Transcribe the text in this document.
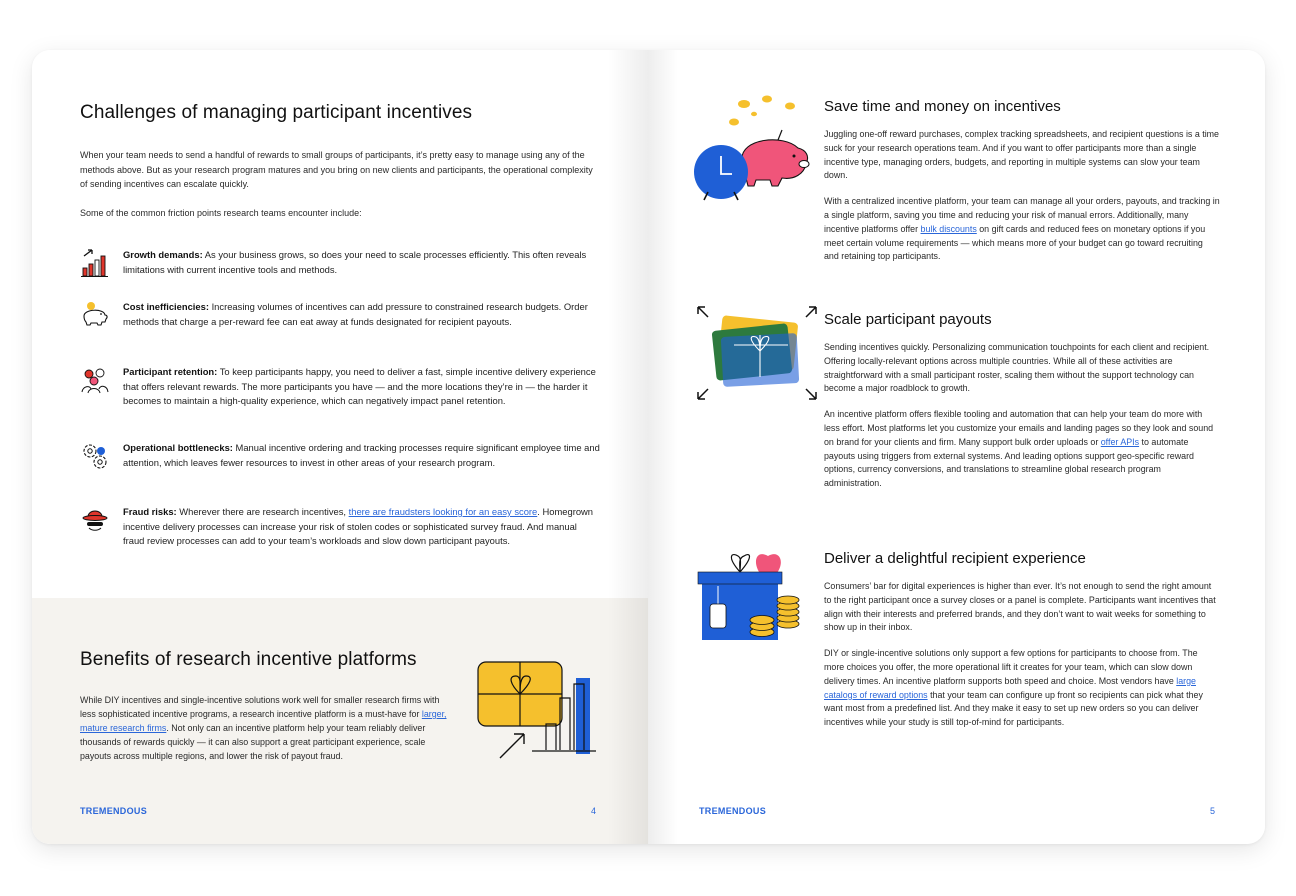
Challenges of managing participant incentives

When your team needs to send a handful of rewards to small groups of participants, it’s pretty easy to manage using any of the methods above. But as your research program matures and you bring on new clients and participants, the operational complexity of sending incentives can escalate quickly.

Some of the common friction points research teams encounter include:

Growth demands: As your business grows, so does your need to scale processes efficiently. This often reveals limitations with current incentive tools and methods.

Cost inefficiencies: Increasing volumes of incentives can add pressure to constrained research budgets. Order methods that charge a per-reward fee can eat away at funds designated for recipient payouts.

Participant retention: To keep participants happy, you need to deliver a fast, simple incentive delivery experience that offers relevant rewards. The more participants you have — and the more locations they’re in — the harder it becomes to maintain a high-quality experience, which can negatively impact panel retention.

Operational bottlenecks: Manual incentive ordering and tracking processes require significant employee time and attention, which leaves fewer resources to invest in other areas of your research program.

Fraud risks: Wherever there are research incentives, there are fraudsters looking for an easy score. Homegrown incentive delivery processes can increase your risk of stolen codes or sophisticated survey fraud. And manual fraud review processes can add to your team’s workloads and slow down participant payouts.

Benefits of research incentive platforms

While DIY incentives and single-incentive solutions work well for smaller research firms with less sophisticated incentive programs, a research incentive platform is a must-have for larger, mature research firms. Not only can an incentive platform help your team reliably deliver thousands of rewards quickly — it can also support a great participant experience, scale payouts across multiple regions, and lower the risk of payout fraud.

TREMENDOUS	4
Save time and money on incentives

Juggling one-off reward purchases, complex tracking spreadsheets, and recipient questions is a time suck for your research operations team. And if you want to offer participants more than a single incentive type, managing orders, budgets, and reporting in multiple systems can slow your team down.

With a centralized incentive platform, your team can manage all your orders, payouts, and tracking in a single platform, saving you time and reducing your risk of manual errors. Additionally, many incentive platforms offer bulk discounts on gift cards and reduced fees on monetary options if you meet certain volume requirements — which means more of your budget can go toward recruiting and retaining top participants.

Scale participant payouts

Sending incentives quickly. Personalizing communication touchpoints for each client and recipient. Offering locally-relevant options across multiple countries. While all of these activities are straightforward with a small participant roster, scaling them without the support technology can become a major roadblock to growth.

An incentive platform offers flexible tooling and automation that can help your team do more with less effort. Most platforms let you customize your emails and landing pages so they look and sound on brand for your clients and firm. Many support bulk order uploads or offer APIs to automate payouts using triggers from external systems. And leading options support geo-specific reward options, currency conversions, and translations to streamline global research program administration.

Deliver a delightful recipient experience

Consumers’ bar for digital experiences is higher than ever. It’s not enough to send the right amount to the right participant once a survey closes or a panel is complete. Participants want incentives that align with their interests and preferred brands, and they don’t want to wait weeks for something to show up in their inbox.

DIY or single-incentive solutions only support a few options for participants to choose from. The more choices you offer, the more operational lift it creates for your team, which can slow down delivery times. An incentive platform supports both speed and choice. Most vendors have large catalogs of reward options that your team can configure up front so recipients can pick what they want most from a predefined list. And they make it easy to set up new orders so you can deliver incentives while your study is still top-of-mind for participants.

TREMENDOUS	5
